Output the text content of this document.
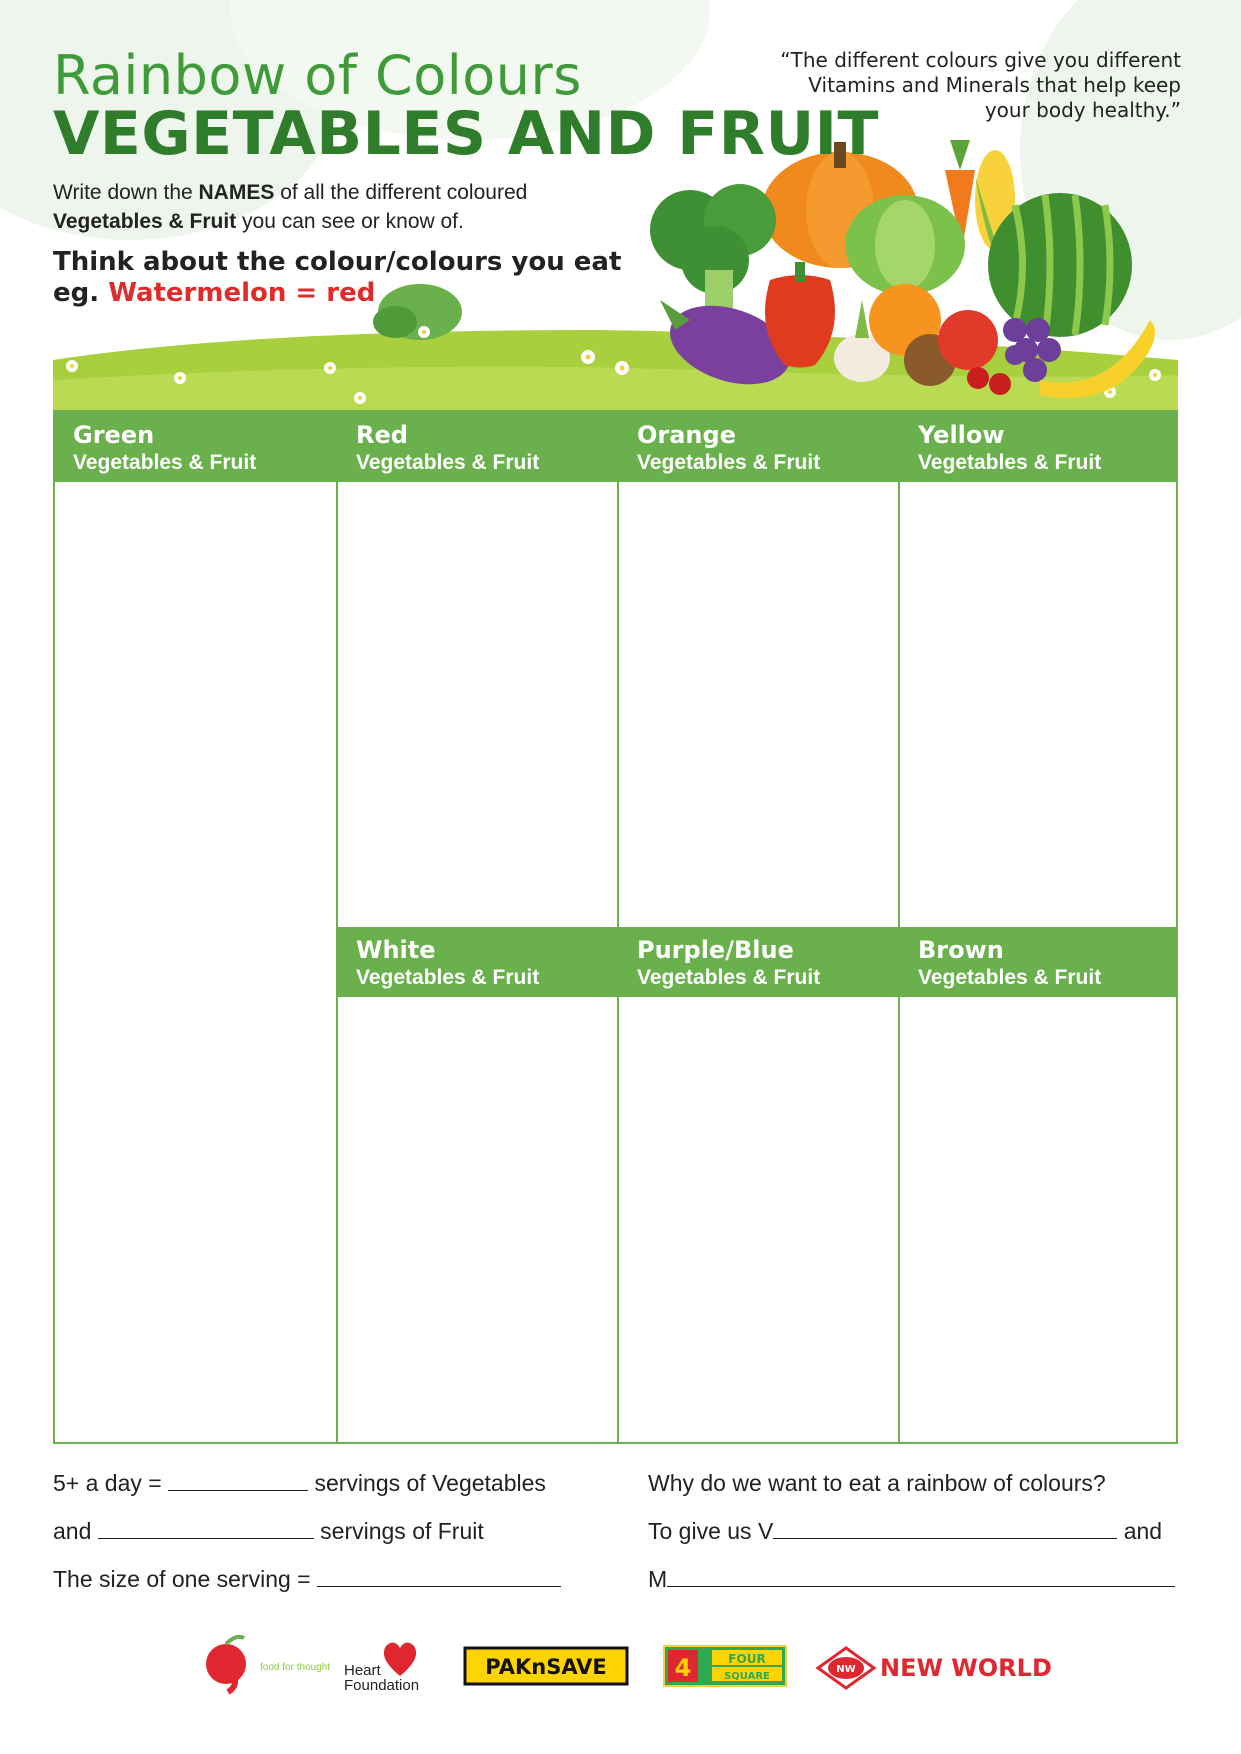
Rainbow of Colours
VEGETABLES AND FRUIT
“The different colours give you different Vitamins and Minerals that help keep your body healthy.”
Write down the NAMES of all the different coloured
Vegetables & Fruit you can see or know of.
Think about the colour/colours you eat
eg. Watermelon = red
Green
Vegetables & Fruit
Red
Vegetables & Fruit
White
Vegetables & Fruit
Orange
Vegetables & Fruit
Purple/Blue
Vegetables & Fruit
Yellow
Vegetables & Fruit
Brown
Vegetables & Fruit
5+ a day =	servings of Vegetables
and	servings of Fruit
The size of one serving =
Why do we want to eat a rainbow of colours?
To give us V	and
M
food for thought Heart
Foundation
PAKnSAVE	4	FOUR
SQUARE
NW NEW WORLD
